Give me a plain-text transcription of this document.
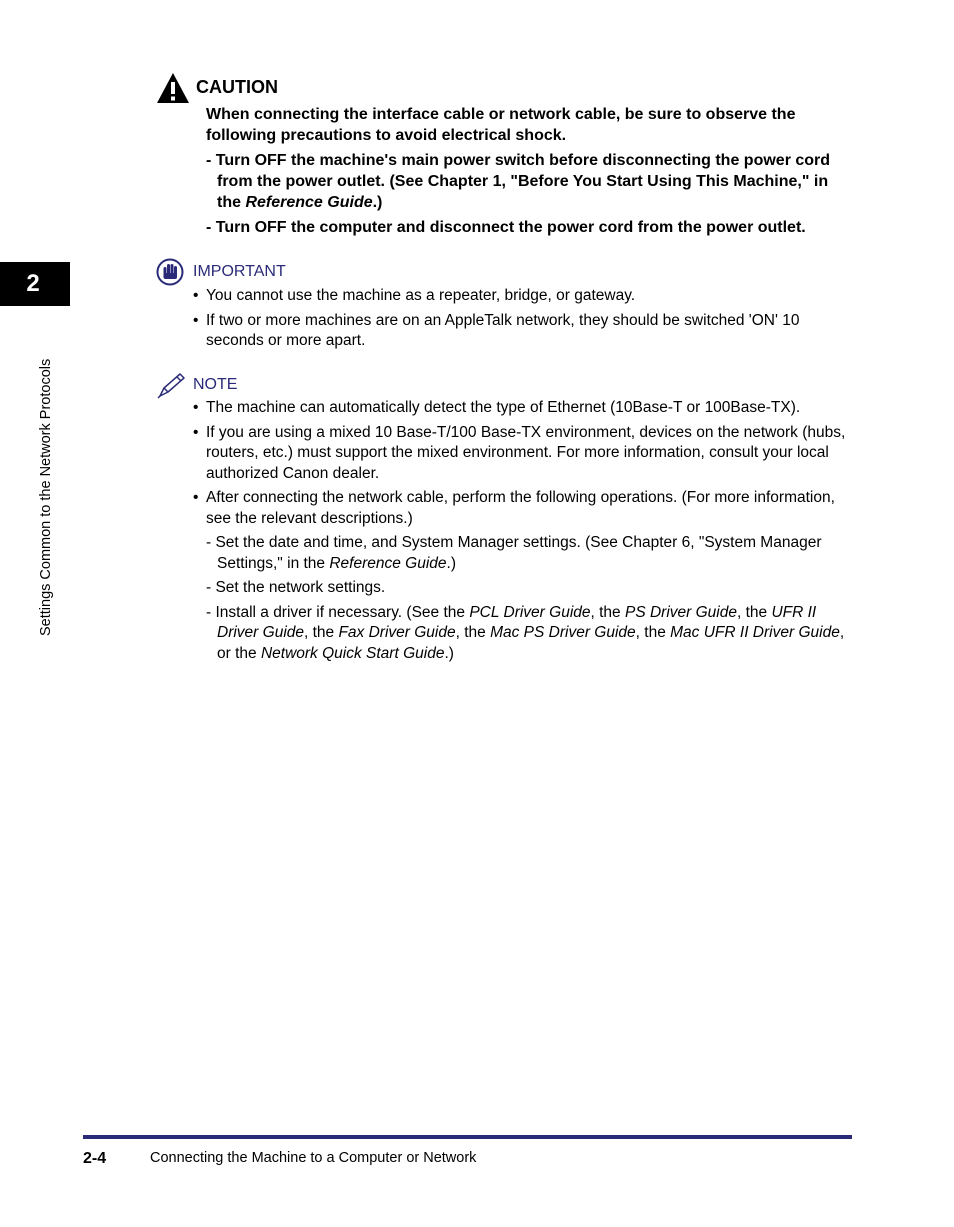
2
Settings Common to the Network Protocols
CAUTION

When connecting the interface cable or network cable, be sure to observe the following precautions to avoid electrical shock.

- Turn OFF the machine's main power switch before disconnecting the power cord from the power outlet. (See Chapter 1, "Before You Start Using This Machine," in the Reference Guide.)

- Turn OFF the computer and disconnect the power cord from the power outlet.

IMPORTANT
• You cannot use the machine as a repeater, bridge, or gateway.
• If two or more machines are on an AppleTalk network, they should be switched 'ON' 10 seconds or more apart.
NOTE
• The machine can automatically detect the type of Ethernet (10Base-T or 100Base-TX).
• If you are using a mixed 10 Base-T/100 Base-TX environment, devices on the network (hubs, routers, etc.) must support the mixed environment. For more information, consult your local authorized Canon dealer.
• After connecting the network cable, perform the following operations. (For more information, see the relevant descriptions.)
- Set the date and time, and System Manager settings. (See Chapter 6, "System Manager Settings," in the Reference Guide.)
- Set the network settings.
- Install a driver if necessary. (See the PCL Driver Guide, the PS Driver Guide, the UFR II Driver Guide, the Fax Driver Guide, the Mac PS Driver Guide, the Mac UFR II Driver Guide, or the Network Quick Start Guide.)
2-4	Connecting the Machine to a Computer or Network
